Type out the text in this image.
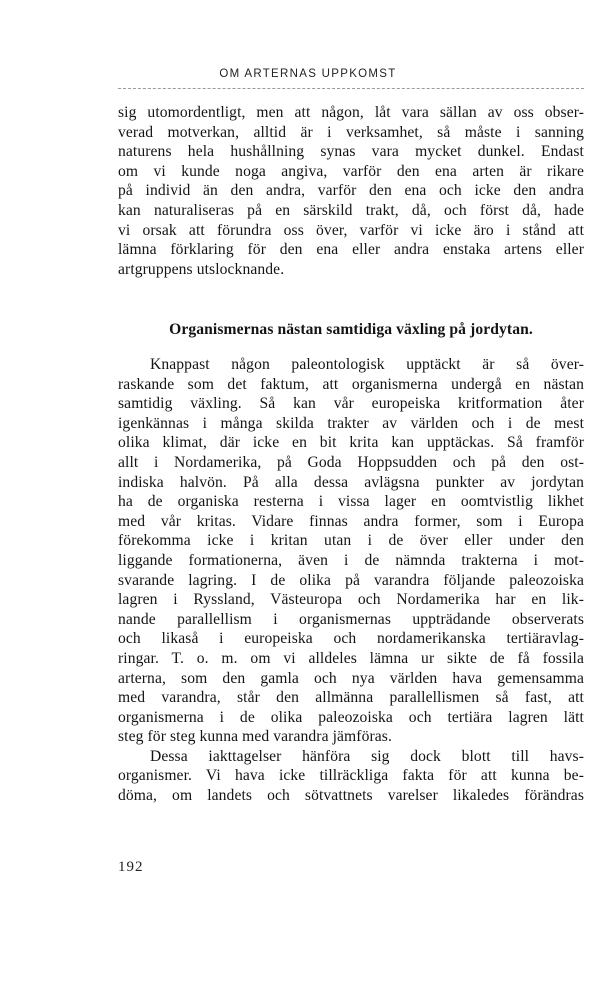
OM ARTERNAS UPPKOMST
sig utomordentligt, men att någon, låt vara sällan av oss obser-
verad motverkan, alltid är i verksamhet, så måste i sanning
naturens hela hushållning synas vara mycket dunkel. Endast
om vi kunde noga angiva, varför den ena arten är rikare
på individ än den andra, varför den ena och icke den andra
kan naturaliseras på en särskild trakt, då, och först då, hade
vi orsak att förundra oss över, varför vi icke äro i stånd att
lämna förklaring för den ena eller andra enstaka artens eller
artgruppens utslocknande.
Organismernas nästan samtidiga växling på jordytan.
Knappast någon paleontologisk upptäckt är så över-
raskande som det faktum, att organismerna undergå en nästan
samtidig växling. Så kan vår europeiska kritformation åter
igenkännas i många skilda trakter av världen och i de mest
olika klimat, där icke en bit krita kan upptäckas. Så framför
allt i Nordamerika, på Goda Hoppsudden och på den ost-
indiska halvön. På alla dessa avlägsna punkter av jordytan
ha de organiska resterna i vissa lager en oomtvistlig likhet
med vår kritas. Vidare finnas andra former, som i Europa
förekomma icke i kritan utan i de över eller under den
liggande formationerna, även i de nämnda trakterna i mot-
svarande lagring. I de olika på varandra följande paleozoiska
lagren i Ryssland, Västeuropa och Nordamerika har en lik-
nande parallellism i organismernas uppträdande observerats
och likaså i europeiska och nordamerikanska tertiäravlag-
ringar. T. o. m. om vi alldeles lämna ur sikte de få fossila
arterna, som den gamla och nya världen hava gemensamma
med varandra, står den allmänna parallellismen så fast, att
organismerna i de olika paleozoiska och tertiära lagren lätt
steg för steg kunna med varandra jämföras.
Dessa iakttagelser hänföra sig dock blott till havs-
organismer. Vi hava icke tillräckliga fakta för att kunna be-
döma, om landets och sötvattnets varelser likaledes förändras
192
